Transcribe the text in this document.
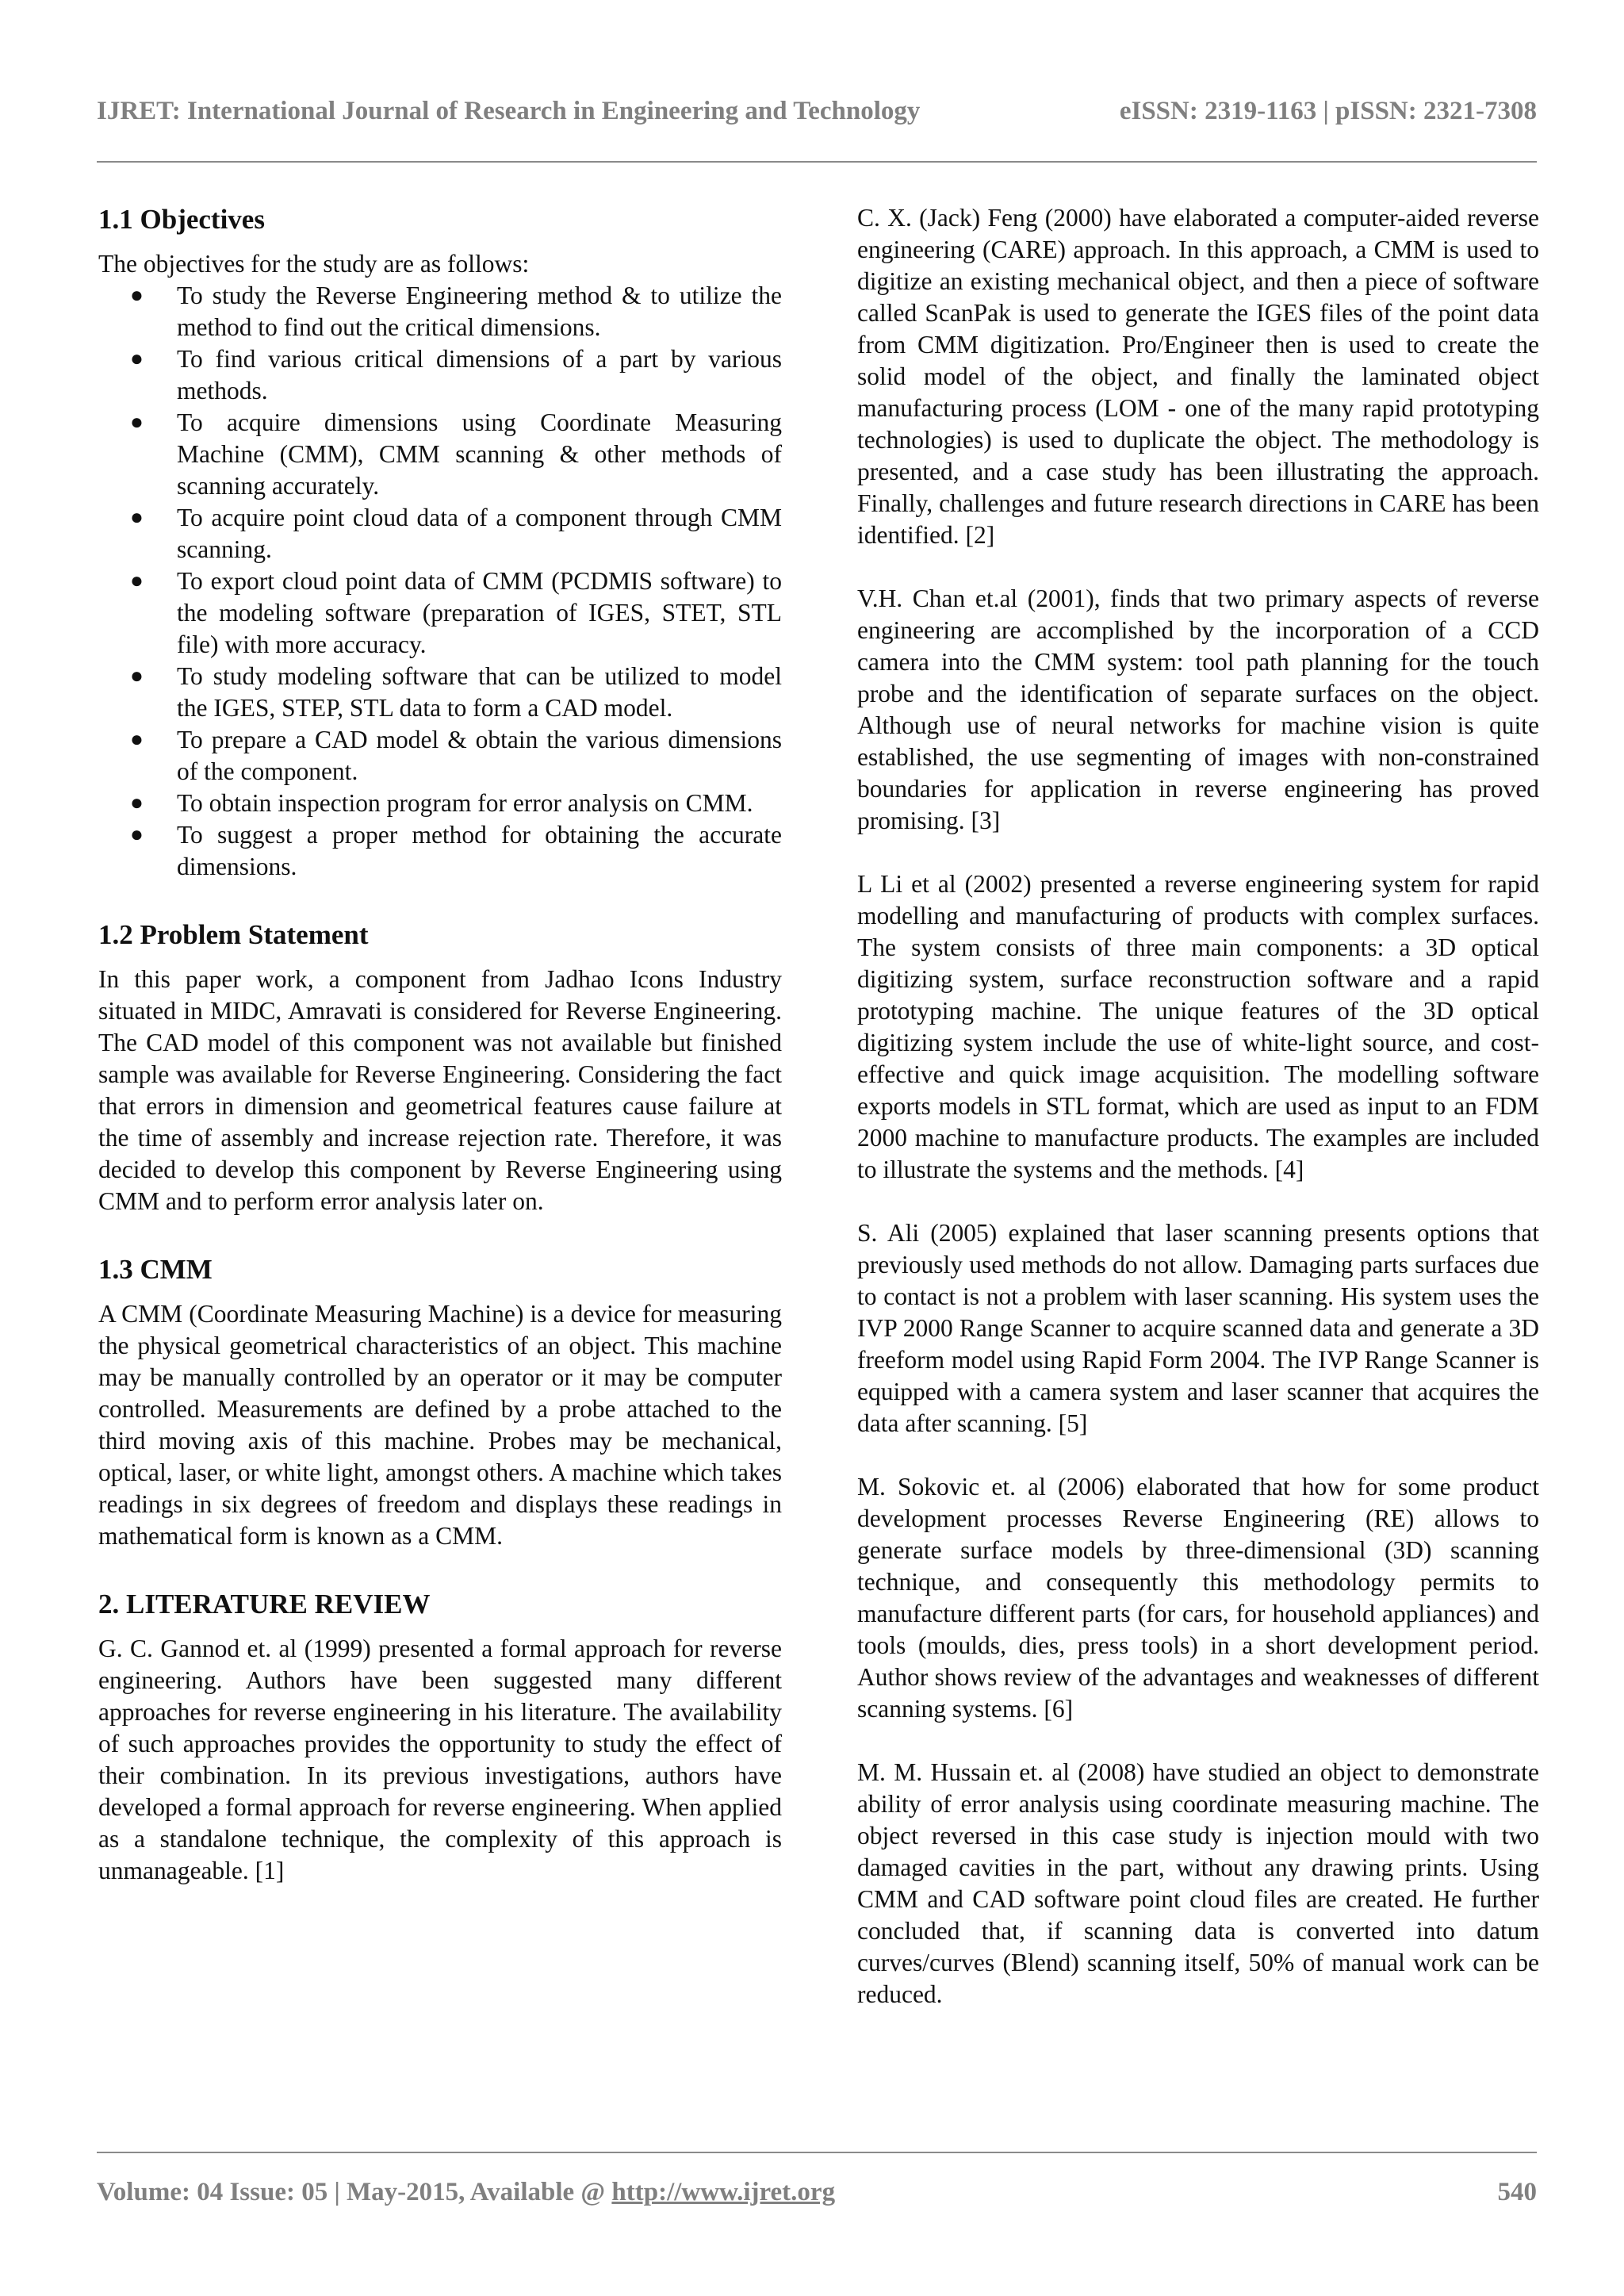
IJRET: International Journal of Research in Engineering and Technology	eISSN: 2319-1163 | pISSN: 2321-7308
1.1 Objectives

The objectives for the study are as follows:

● To study the Reverse Engineering method & to utilize the method to find out the critical dimensions.
● To find various critical dimensions of a part by various methods.
● To acquire dimensions using Coordinate Measuring Machine (CMM), CMM scanning & other methods of scanning accurately.
● To acquire point cloud data of a component through CMM scanning.
● To export cloud point data of CMM (PCDMIS software) to the modeling software (preparation of IGES, STET, STL file) with more accuracy.
● To study modeling software that can be utilized to model the IGES, STEP, STL data to form a CAD model.
● To prepare a CAD model & obtain the various dimensions of the component.
● To obtain inspection program for error analysis on CMM.
● To suggest a proper method for obtaining the accurate dimensions.
1.2 Problem Statement

In this paper work, a component from Jadhao Icons Industry situated in MIDC, Amravati is considered for Reverse Engineering. The CAD model of this component was not available but finished sample was available for Reverse Engineering. Considering the fact that errors in dimension and geometrical features cause failure at the time of assembly and increase rejection rate. Therefore, it was decided to develop this component by Reverse Engineering using CMM and to perform error analysis later on.

1.3 CMM

A CMM (Coordinate Measuring Machine) is a device for measuring the physical geometrical characteristics of an object. This machine may be manually controlled by an operator or it may be computer controlled. Measurements are defined by a probe attached to the third moving axis of this machine. Probes may be mechanical, optical, laser, or white light, amongst others. A machine which takes readings in six degrees of freedom and displays these readings in mathematical form is known as a CMM.

2. LITERATURE REVIEW

G. C. Gannod et. al (1999) presented a formal approach for reverse engineering. Authors have been suggested many different approaches for reverse engineering in his literature. The availability of such approaches provides the opportunity to study the effect of their combination. In its previous investigations, authors have developed a formal approach for reverse engineering. When applied as a standalone technique, the complexity of this approach is unmanageable. [1]

C. X. (Jack) Feng (2000) have elaborated a computer-aided reverse engineering (CARE) approach. In this approach, a CMM is used to digitize an existing mechanical object, and then a piece of software called ScanPak is used to generate the IGES files of the point data from CMM digitization. Pro/Engineer then is used to create the solid model of the object, and finally the laminated object manufacturing process (LOM - one of the many rapid prototyping technologies) is used to duplicate the object. The methodology is presented, and a case study has been illustrating the approach. Finally, challenges and future research directions in CARE has been identified. [2]

V.H. Chan et.al (2001), finds that two primary aspects of reverse engineering are accomplished by the incorporation of a CCD camera into the CMM system: tool path planning for the touch probe and the identification of separate surfaces on the object. Although use of neural networks for machine vision is quite established, the use segmenting of images with non-constrained boundaries for application in reverse engineering has proved promising. [3]

L Li et al (2002) presented a reverse engineering system for rapid modelling and manufacturing of products with complex surfaces. The system consists of three main components: a 3D optical digitizing system, surface reconstruction software and a rapid prototyping machine. The unique features of the 3D optical digitizing system include the use of white-light source, and cost-effective and quick image acquisition. The modelling software exports models in STL format, which are used as input to an FDM 2000 machine to manufacture products. The examples are included to illustrate the systems and the methods. [4]

S. Ali (2005) explained that laser scanning presents options that previously used methods do not allow. Damaging parts surfaces due to contact is not a problem with laser scanning. His system uses the IVP 2000 Range Scanner to acquire scanned data and generate a 3D freeform model using Rapid Form 2004. The IVP Range Scanner is equipped with a camera system and laser scanner that acquires the data after scanning. [5]

M. Sokovic et. al (2006) elaborated that how for some product development processes Reverse Engineering (RE) allows to generate surface models by three-dimensional (3D) scanning technique, and consequently this methodology permits to manufacture different parts (for cars, for household appliances) and tools (moulds, dies, press tools) in a short development period. Author shows review of the advantages and weaknesses of different scanning systems. [6]

M. M. Hussain et. al (2008) have studied an object to demonstrate ability of error analysis using coordinate measuring machine. The object reversed in this case study is injection mould with two damaged cavities in the part, without any drawing prints. Using CMM and CAD software point cloud files are created. He further concluded that, if scanning data is converted into datum curves/curves (Blend) scanning itself, 50% of manual work can be reduced.

Volume: 04 Issue: 05 | May-2015, Available @ http://www.ijret.org	540
